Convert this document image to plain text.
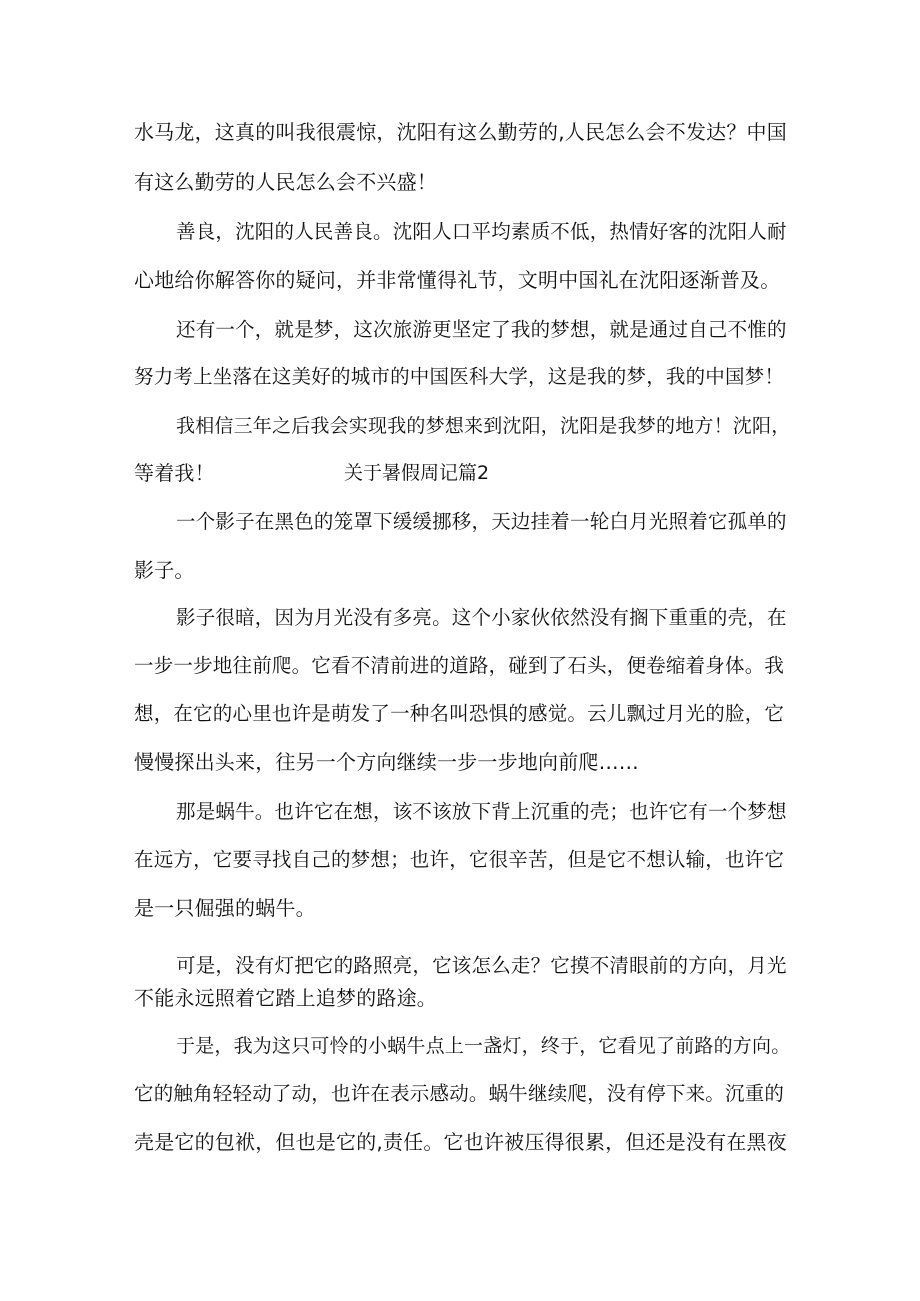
水马龙，这真的叫我很震惊，沈阳有这么勤劳的,人民怎么会不发达？中国
有这么勤劳的人民怎么会不兴盛！
善良，沈阳的人民善良。沈阳人口平均素质不低，热情好客的沈阳人耐
心地给你解答你的疑问，并非常懂得礼节，文明中国礼在沈阳逐渐普及。
还有一个，就是梦，这次旅游更坚定了我的梦想，就是通过自己不惟的
努力考上坐落在这美好的城市的中国医科大学，这是我的梦，我的中国梦！
我相信三年之后我会实现我的梦想来到沈阳，沈阳是我梦的地方！沈阳，
等着我！	关于暑假周记篇2
一个影子在黑色的笼罩下缓缓挪移，天边挂着一轮白月光照着它孤单的
影子。
影子很暗，因为月光没有多亮。这个小家伙依然没有搁下重重的壳，在
一步一步地往前爬。它看不清前进的道路，碰到了石头，便卷缩着身体。我
想，在它的心里也许是萌发了一种名叫恐惧的感觉。云儿飘过月光的脸，它
慢慢探出头来，往另一个方向继续一步一步地向前爬……
那是蜗牛。也许它在想，该不该放下背上沉重的壳；也许它有一个梦想
在远方，它要寻找自己的梦想；也许，它很辛苦，但是它不想认输，也许它
是一只倔强的蜗牛。
可是，没有灯把它的路照亮，它该怎么走？它摸不清眼前的方向，月光
不能永远照着它踏上追梦的路途。
于是，我为这只可怜的小蜗牛点上一盏灯，终于，它看见了前路的方向。
它的触角轻轻动了动，也许在表示感动。蜗牛继续爬，没有停下来。沉重的
壳是它的包袱，但也是它的,责任。它也许被压得很累，但还是没有在黑夜
